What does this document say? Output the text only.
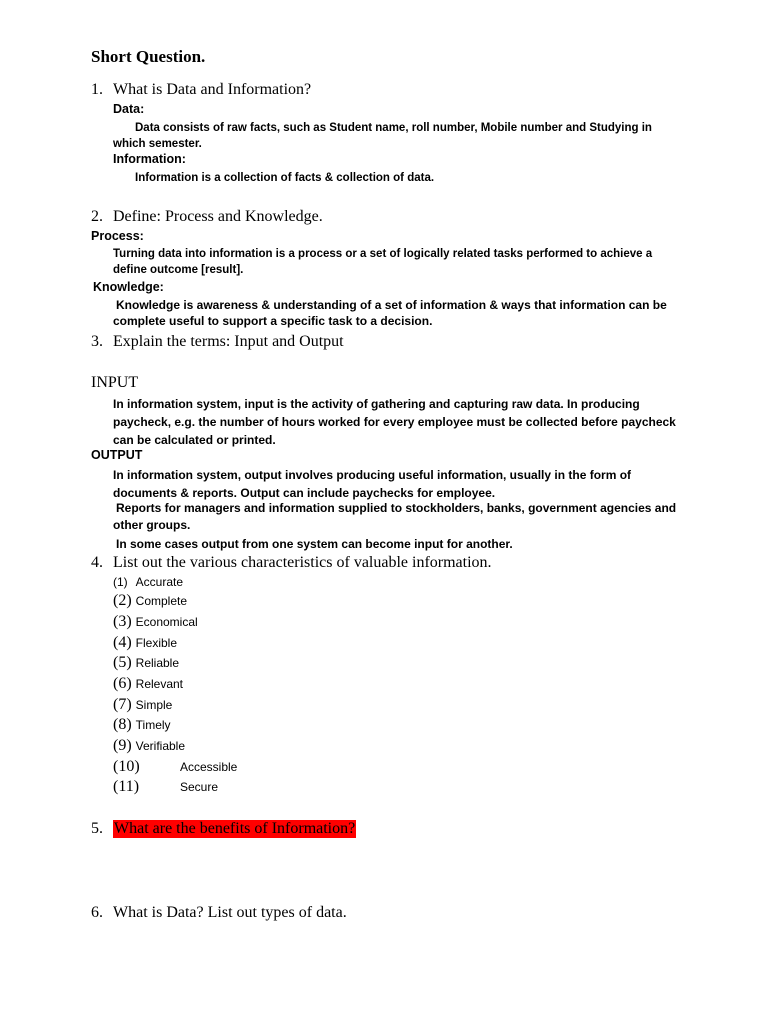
Short Question.
1. What is Data and Information?
Data:
Data consists of raw facts, such as Student name, roll number, Mobile number and Studying in which semester.
Information:
Information is a collection of facts & collection of data.
2. Define: Process and Knowledge.
Process:
Turning data into information is a process or a set of logically related tasks performed to achieve a define outcome [result].
Knowledge:
Knowledge is awareness & understanding of a set of information & ways that information can be complete useful to support a specific task to a decision.
3. Explain the terms: Input and Output
INPUT
In information system, input is the activity of gathering and capturing raw data. In producing paycheck, e.g. the number of hours worked for every employee must be collected before paycheck can be calculated or printed.
OUTPUT
In information system, output involves producing useful information, usually in the form of documents & reports. Output can include paychecks for employee.
Reports for managers and information supplied to stockholders, banks, government agencies and other groups.
In some cases output from one system can become input for another.
4. List out the various characteristics of valuable information.
(1) Accurate
(2) Complete
(3) Economical
(4) Flexible
(5) Reliable
(6) Relevant
(7) Simple
(8) Timely
(9) Verifiable
(10)	Accessible
(11)	Secure
5. What are the benefits of Information?
6. What is Data? List out types of data.
